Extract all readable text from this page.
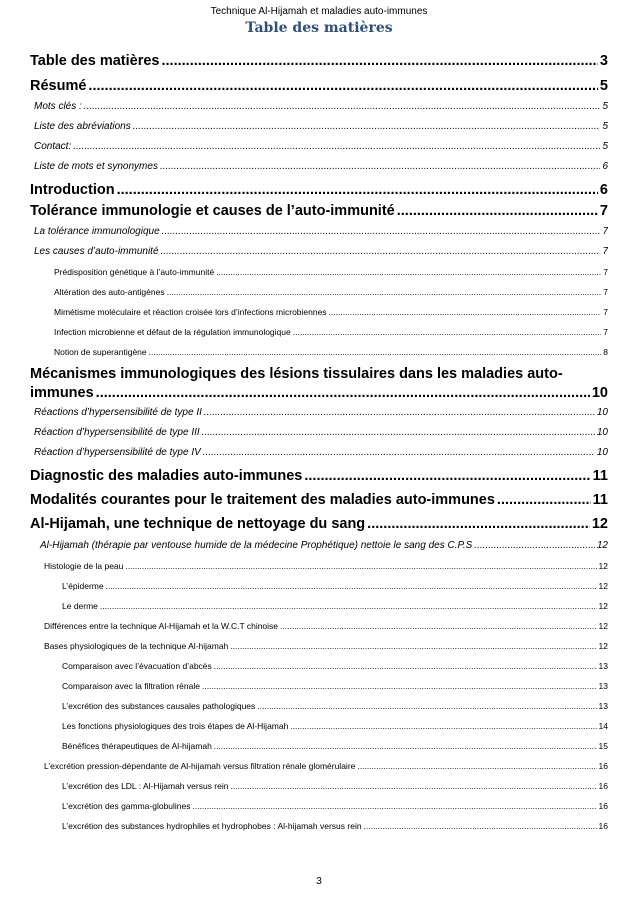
Technique Al-Hijamah et maladies auto-immunes
Table des matières
Table des matières .....	3
Résumé .....	5
Mots clés : .....	5
Liste des abréviations .....	5
Contact: .....	5
Liste de mots et synonymes .....	6
Introduction .....	6
Tolérance immunologie et causes de l’auto-immunité .....	7
La tolérance immunologique .....	7
Les causes d’auto-immunité .....	7
Prédisposition génétique à l’auto-immunité .....	7
Altération des auto-antigènes .....	7
Mimétisme moléculaire et réaction croisée lors d’infections microbiennes .....	7
Infection microbienne et défaut de la régulation immunologique .....	7
Notion de superantigène .....	8
Mécanismes immunologiques des lésions tissulaires dans les maladies auto-
immunes .....	10
Réactions d’hypersensibilité de type II .....	10
Réaction d’hypersensibilité de type III .....	10
Réaction d’hypersensibilité de type IV .....	10
Diagnostic des maladies auto-immunes .....	11
Modalités courantes pour le traitement des maladies auto-immunes .....	11
Al-Hijamah, une technique de nettoyage du sang .....	12
Al-Hijamah (thérapie par ventouse humide de la médecine Prophétique) nettoie le sang des C.P.S .....	12
Histologie de la peau .....	12
L’épiderme .....	12
Le derme .....	12
Différences entre la technique Al-Hijamah et la W.C.T chinoise .....	12
Bases physiologiques de la technique Al-hijamah .....	12
Comparaison avec l’évacuation d’abcès .....	13
Comparaison avec la filtration rénale .....	13
L’excrétion des substances causales pathologiques .....	13
Les fonctions physiologiques des trois étapes de Al-Hijamah .....	14
Bénéfices thérapeutiques de Al-hijamah .....	15
L’excrétion pression-dépendante de Al-hijamah versus filtration rénale glomérulaire .....	16
L’excrétion des LDL : Al-Hijamah versus rein .....	16
L’excrétion des gamma-globulines .....	16
L’excrétion des substances hydrophiles et hydrophobes : Al-hijamah versus rein .....	16
3
